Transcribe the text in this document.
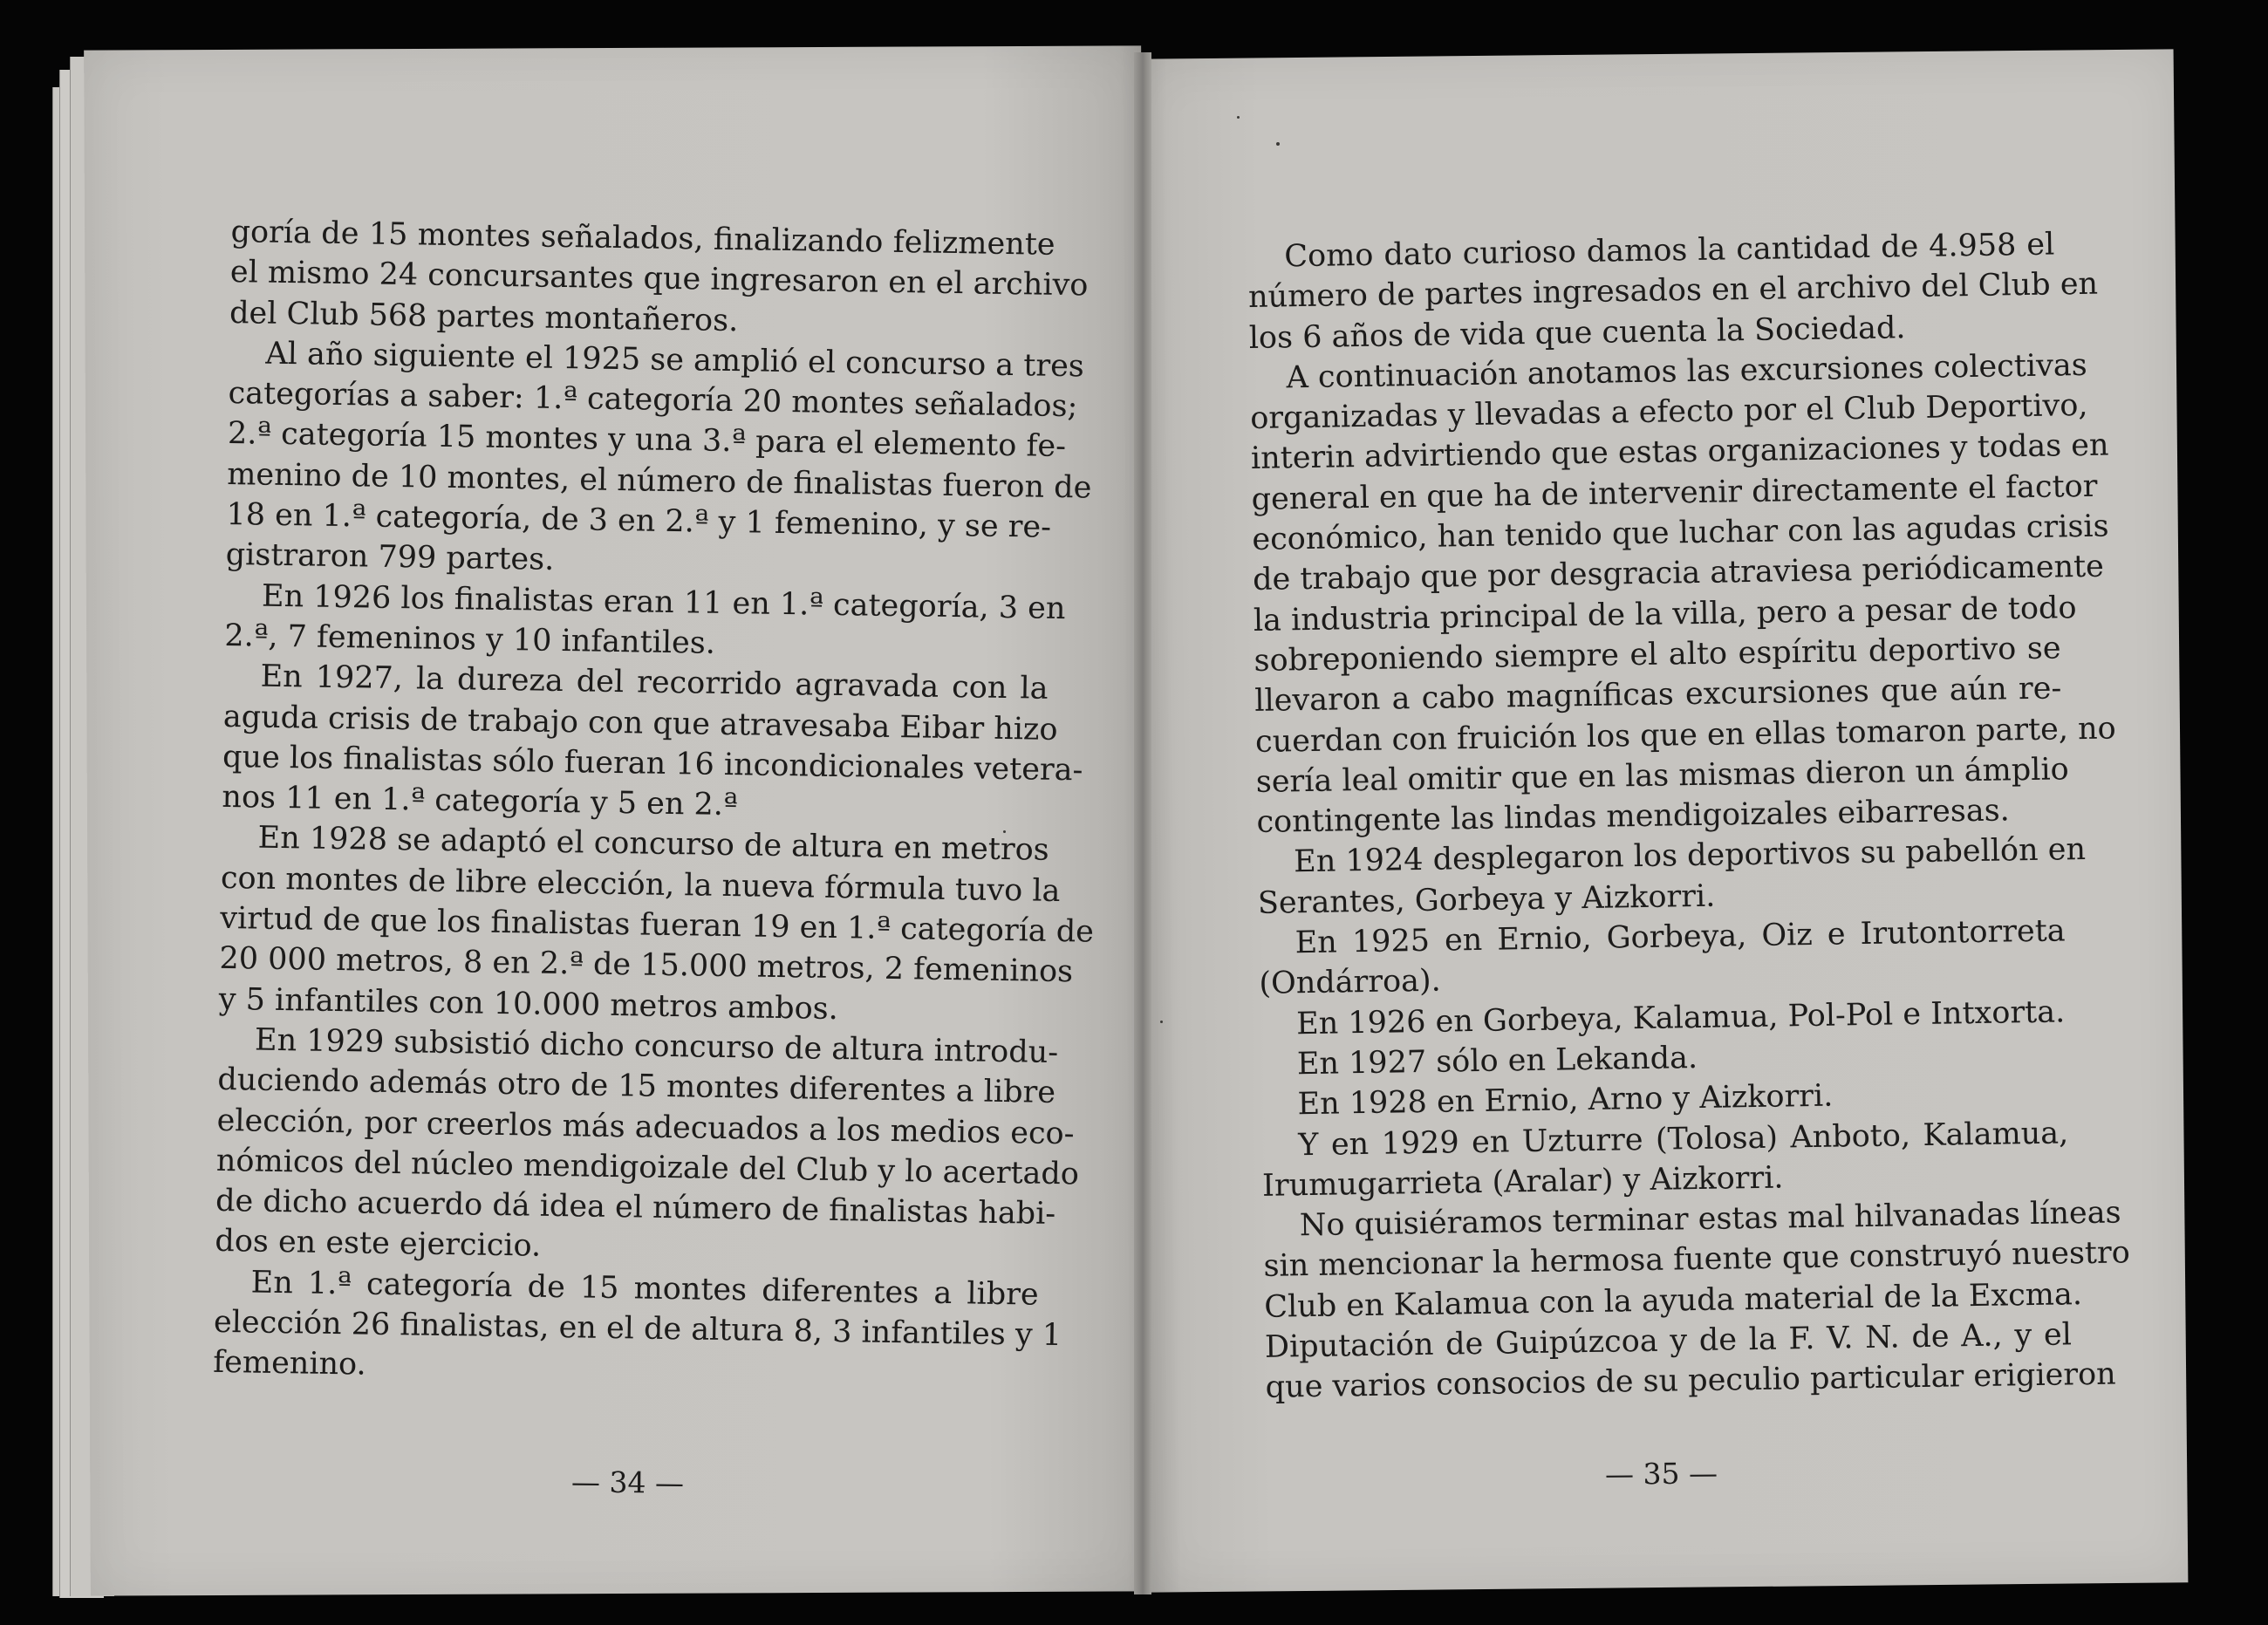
goría de 15 montes señalados, finalizando felizmente
el mismo 24 concursantes que ingresaron en el archivo
del Club 568 partes montañeros.
Al año siguiente el 1925 se amplió el concurso a tres
categorías a saber: 1.ª categoría 20 montes señalados;
2.ª categoría 15 montes y una 3.ª para el elemento fe-
menino de 10 montes, el número de finalistas fueron de
18 en 1.ª categoría, de 3 en 2.ª y 1 femenino, y se re-
gistraron 799 partes.
En 1926 los finalistas eran 11 en 1.ª categoría, 3 en
2.ª, 7 femeninos y 10 infantiles.
En 1927, la dureza del recorrido agravada con la
aguda crisis de trabajo con que atravesaba Eibar hizo
que los finalistas sólo fueran 16 incondicionales vetera-
nos 11 en 1.ª categoría y 5 en 2.ª
En 1928 se adaptó el concurso de altura en metros
con montes de libre elección, la nueva fórmula tuvo la
virtud de que los finalistas fueran 19 en 1.ª categoría de
20 000 metros, 8 en 2.ª de 15.000 metros, 2 femeninos
y 5 infantiles con 10.000 metros ambos.
En 1929 subsistió dicho concurso de altura introdu-
duciendo además otro de 15 montes diferentes a libre
elección, por creerlos más adecuados a los medios eco-
nómicos del núcleo mendigoizale del Club y lo acertado
de dicho acuerdo dá idea el número de finalistas habi-
dos en este ejercicio.
En 1.ª categoría de 15 montes diferentes a libre
elección 26 finalistas, en el de altura 8, 3 infantiles y 1
femenino.
Como dato curioso damos la cantidad de 4.958 el
número de partes ingresados en el archivo del Club en
los 6 años de vida que cuenta la Sociedad.
A continuación anotamos las excursiones colectivas
organizadas y llevadas a efecto por el Club Deportivo,
interin advirtiendo que estas organizaciones y todas en
general en que ha de intervenir directamente el factor
económico, han tenido que luchar con las agudas crisis
de trabajo que por desgracia atraviesa periódicamente
la industria principal de la villa, pero a pesar de todo
sobreponiendo siempre el alto espíritu deportivo se
llevaron a cabo magníficas excursiones que aún re-
cuerdan con fruición los que en ellas tomaron parte, no
sería leal omitir que en las mismas dieron un ámplio
contingente las lindas mendigoizales eibarresas.
En 1924 desplegaron los deportivos su pabellón en
Serantes, Gorbeya y Aizkorri.
En 1925 en Ernio, Gorbeya, Oiz e Irutontorreta
(Ondárroa).
En 1926 en Gorbeya, Kalamua, Pol-Pol e Intxorta.
En 1927 sólo en Lekanda.
En 1928 en Ernio, Arno y Aizkorri.
Y en 1929 en Uzturre (Tolosa) Anboto, Kalamua,
Irumugarrieta (Aralar) y Aizkorri.
No quisiéramos terminar estas mal hilvanadas líneas
sin mencionar la hermosa fuente que construyó nuestro
Club en Kalamua con la ayuda material de la Excma.
Diputación de Guipúzcoa y de la F. V. N. de A., y el
que varios consocios de su peculio particular erigieron
— 34 —	— 35 —
